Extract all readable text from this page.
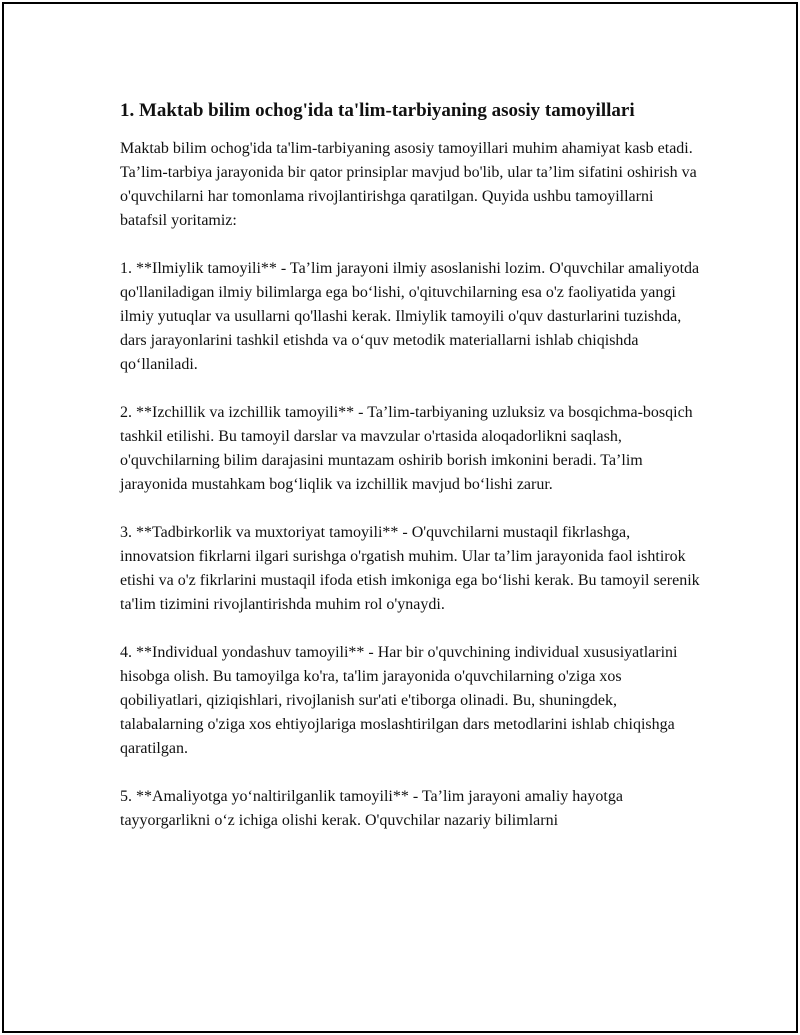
1. Maktab bilim ochog'ida ta'lim-tarbiyaning asosiy tamoyillari

Maktab bilim ochog'ida ta'lim-tarbiyaning asosiy tamoyillari muhim ahamiyat kasb etadi. Ta’lim-tarbiya jarayonida bir qator prinsiplar mavjud bo'lib, ular ta’lim sifatini oshirish va o'quvchilarni har tomonlama rivojlantirishga qaratilgan. Quyida ushbu tamoyillarni batafsil yoritamiz:

1. **Ilmiylik tamoyili** - Ta’lim jarayoni ilmiy asoslanishi lozim. O'quvchilar amaliyotda qo'llaniladigan ilmiy bilimlarga ega bo‘lishi, o'qituvchilarning esa o'z faoliyatida yangi ilmiy yutuqlar va usullarni qo'llashi kerak. Ilmiylik tamoyili o'quv dasturlarini tuzishda, dars jarayonlarini tashkil etishda va o‘quv metodik materiallarni ishlab chiqishda qo‘llaniladi.

2. **Izchillik va izchillik tamoyili** - Ta’lim-tarbiyaning uzluksiz va bosqichma-bosqich tashkil etilishi. Bu tamoyil darslar va mavzular o'rtasida aloqadorlikni saqlash, o'quvchilarning bilim darajasini muntazam oshirib borish imkonini beradi. Ta’lim jarayonida mustahkam bog‘liqlik va izchillik mavjud bo‘lishi zarur.

3. **Tadbirkorlik va muxtoriyat tamoyili** - O'quvchilarni mustaqil fikrlashga, innovatsion fikrlarni ilgari surishga o'rgatish muhim. Ular ta’lim jarayonida faol ishtirok etishi va o'z fikrlarini mustaqil ifoda etish imkoniga ega bo‘lishi kerak. Bu tamoyil serenik ta'lim tizimini rivojlantirishda muhim rol o'ynaydi.

4. **Individual yondashuv tamoyili** - Har bir o'quvchining individual xususiyatlarini hisobga olish. Bu tamoyilga ko'ra, ta'lim jarayonida o'quvchilarning o'ziga xos qobiliyatlari, qiziqishlari, rivojlanish sur'ati e'tiborga olinadi. Bu, shuningdek, talabalarning o'ziga xos ehtiyojlariga moslashtirilgan dars metodlarini ishlab chiqishga qaratilgan.

5. **Amaliyotga yo‘naltirilganlik tamoyili** - Ta’lim jarayoni amaliy hayotga tayyorgarlikni o‘z ichiga olishi kerak. O'quvchilar nazariy bilimlarni
